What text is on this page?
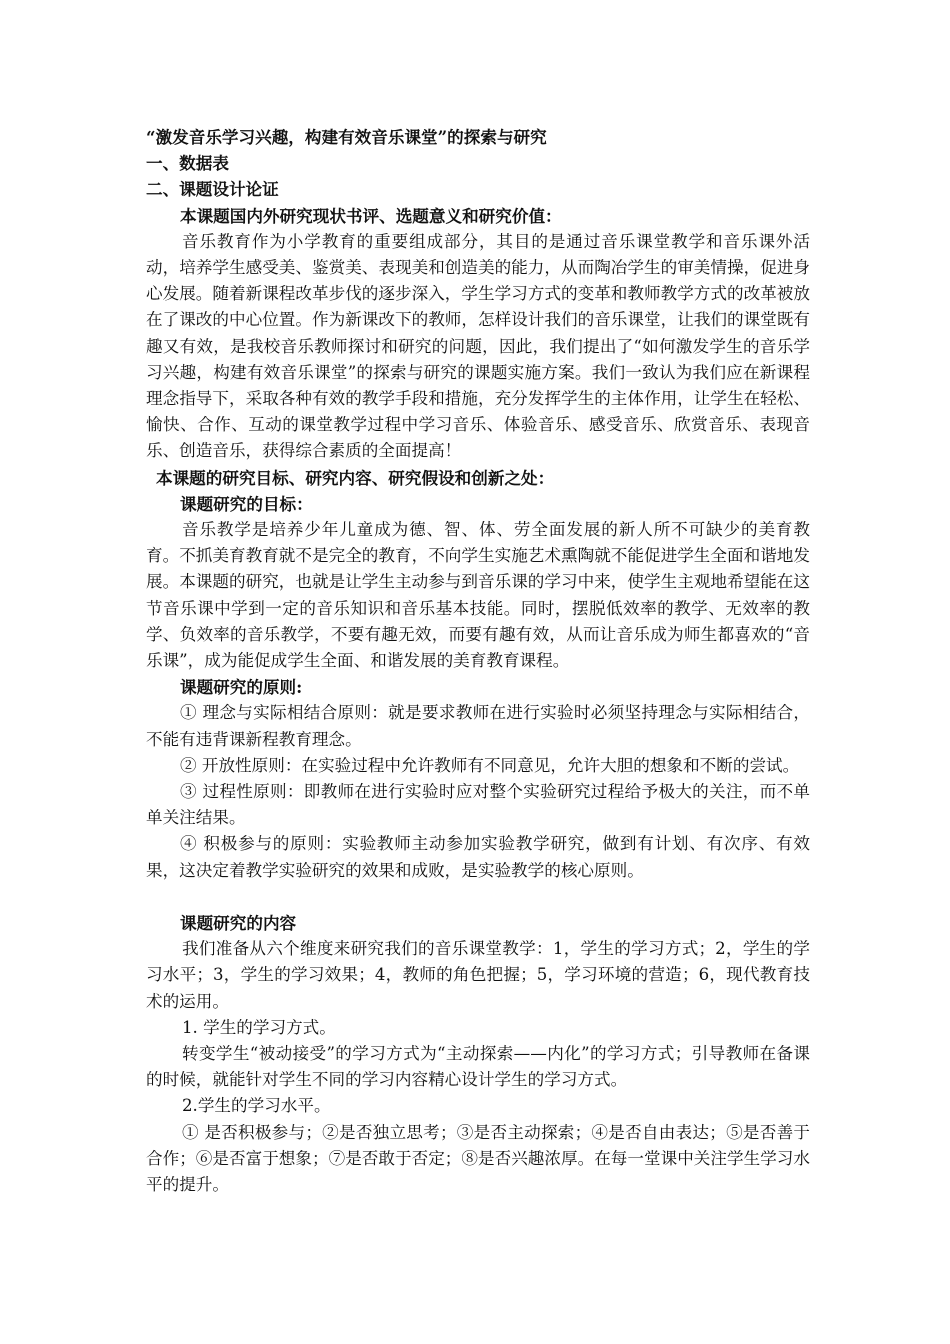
“激发音乐学习兴趣，构建有效音乐课堂”的探索与研究

一、数据表

二、课题设计论证

本课题国内外研究现状书评、选题意义和研究价值：

音乐教育作为小学教育的重要组成部分，其目的是通过音乐课堂教学和音乐课外活动，培养学生感受美、鉴赏美、表现美和创造美的能力，从而陶冶学生的审美情操，促进身心发展。随着新课程改革步伐的逐步深入，学生学习方式的变革和教师教学方式的改革被放在了课改的中心位置。作为新课改下的教师，怎样设计我们的音乐课堂，让我们的课堂既有趣又有效，是我校音乐教师探讨和研究的问题，因此，我们提出了“如何激发学生的音乐学习兴趣，构建有效音乐课堂”的探索与研究的课题实施方案。我们一致认为我们应在新课程理念指导下，采取各种有效的教学手段和措施，充分发挥学生的主体作用，让学生在轻松、愉快、合作、互动的课堂教学过程中学习音乐、体验音乐、感受音乐、欣赏音乐、表现音乐、创造音乐，获得综合素质的全面提高！

本课题的研究目标、研究内容、研究假设和创新之处：

课题研究的目标：

音乐教学是培养少年儿童成为德、智、体、劳全面发展的新人所不可缺少的美育教育。不抓美育教育就不是完全的教育，不向学生实施艺术熏陶就不能促进学生全面和谐地发展。本课题的研究，也就是让学生主动参与到音乐课的学习中来，使学生主观地希望能在这节音乐课中学到一定的音乐知识和音乐基本技能。同时，摆脱低效率的教学、无效率的教学、负效率的音乐教学，不要有趣无效，而要有趣有效，从而让音乐成为师生都喜欢的“音乐课”，成为能促成学生全面、和谐发展的美育教育课程。

课题研究的原则:

① 理念与实际相结合原则：就是要求教师在进行实验时必须坚持理念与实际相结合，不能有违背课新程教育理念。

② 开放性原则：在实验过程中允许教师有不同意见，允许大胆的想象和不断的尝试。

③ 过程性原则：即教师在进行实验时应对整个实验研究过程给予极大的关注，而不单单关注结果。

④ 积极参与的原则：实验教师主动参加实验教学研究，做到有计划、有次序、有效果，这决定着教学实验研究的效果和成败，是实验教学的核心原则。

课题研究的内容

我们准备从六个维度来研究我们的音乐课堂教学：1，学生的学习方式；2，学生的学习水平；3，学生的学习效果；4，教师的角色把握；5，学习环境的营造；6，现代教育技术的运用。

1. 学生的学习方式。

转变学生“被动接受”的学习方式为“主动探索——内化”的学习方式；引导教师在备课的时候，就能针对学生不同的学习内容精心设计学生的学习方式。

2.学生的学习水平。

① 是否积极参与；②是否独立思考；③是否主动探索；④是否自由表达；⑤是否善于合作；⑥是否富于想象；⑦是否敢于否定；⑧是否兴趣浓厚。在每一堂课中关注学生学习水平的提升。
